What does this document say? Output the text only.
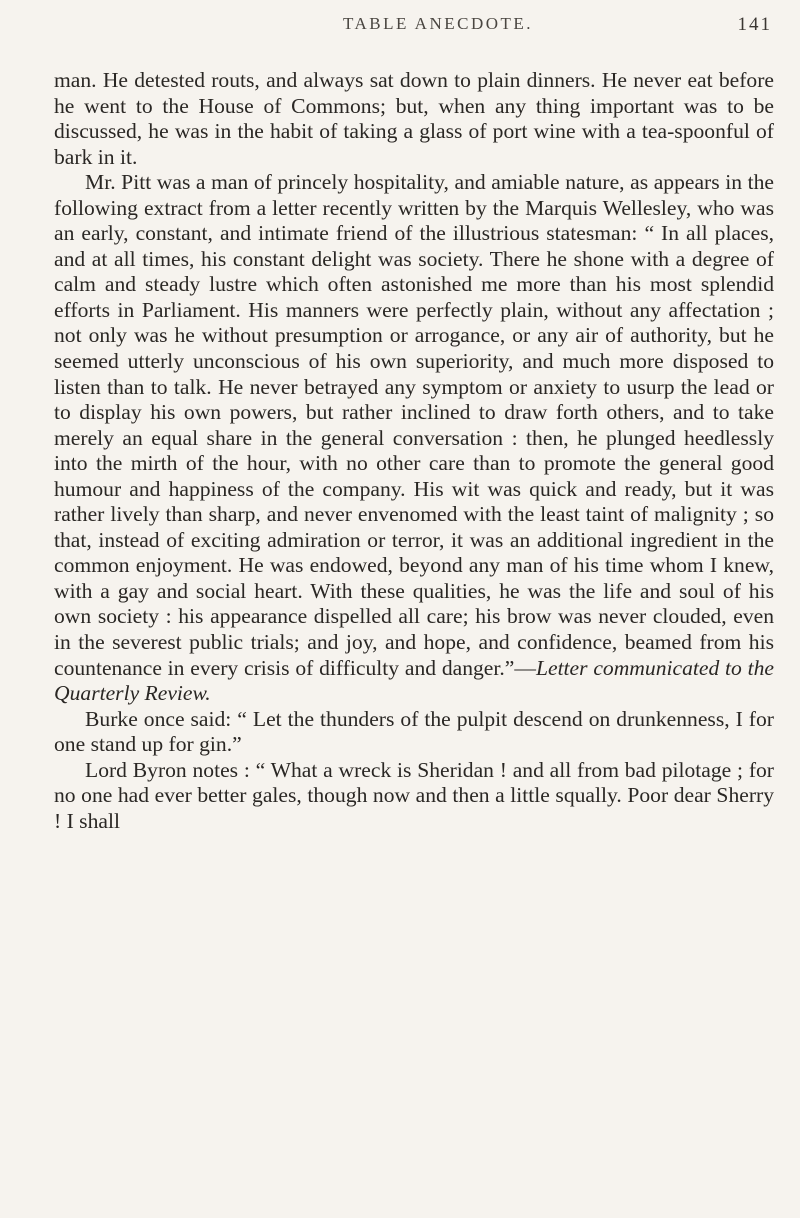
TABLE ANECDOTE.	141

man. He detested routs, and always sat down to plain dinners. He never eat before he went to the House of Commons; but, when any thing important was to be discussed, he was in the habit of taking a glass of port wine with a tea-spoonful of bark in it.

Mr. Pitt was a man of princely hospitality, and amiable nature, as appears in the following extract from a letter recently written by the Marquis Wellesley, who was an early, constant, and intimate friend of the illustrious statesman: “ In all places, and at all times, his constant delight was society. There he shone with a degree of calm and steady lustre which often astonished me more than his most splendid efforts in Parliament. His manners were perfectly plain, without any affectation ; not only was he without presumption or arrogance, or any air of authority, but he seemed utterly unconscious of his own superiority, and much more disposed to listen than to talk. He never betrayed any symptom or anxiety to usurp the lead or to display his own powers, but rather inclined to draw forth others, and to take merely an equal share in the general conversation : then, he plunged heedlessly into the mirth of the hour, with no other care than to promote the general good humour and happiness of the company. His wit was quick and ready, but it was rather lively than sharp, and never envenomed with the least taint of malignity ; so that, instead of exciting admiration or terror, it was an additional ingredient in the common enjoyment. He was endowed, beyond any man of his time whom I knew, with a gay and social heart. With these qualities, he was the life and soul of his own society : his appearance dispelled all care; his brow was never clouded, even in the severest public trials; and joy, and hope, and confidence, beamed from his countenance in every crisis of difficulty and danger.”—Letter communicated to the Quarterly Review.

Burke once said: “ Let the thunders of the pulpit descend on drunkenness, I for one stand up for gin.”

Lord Byron notes : “ What a wreck is Sheridan ! and all from bad pilotage ; for no one had ever better gales, though now and then a little squally. Poor dear Sherry ! I shall
